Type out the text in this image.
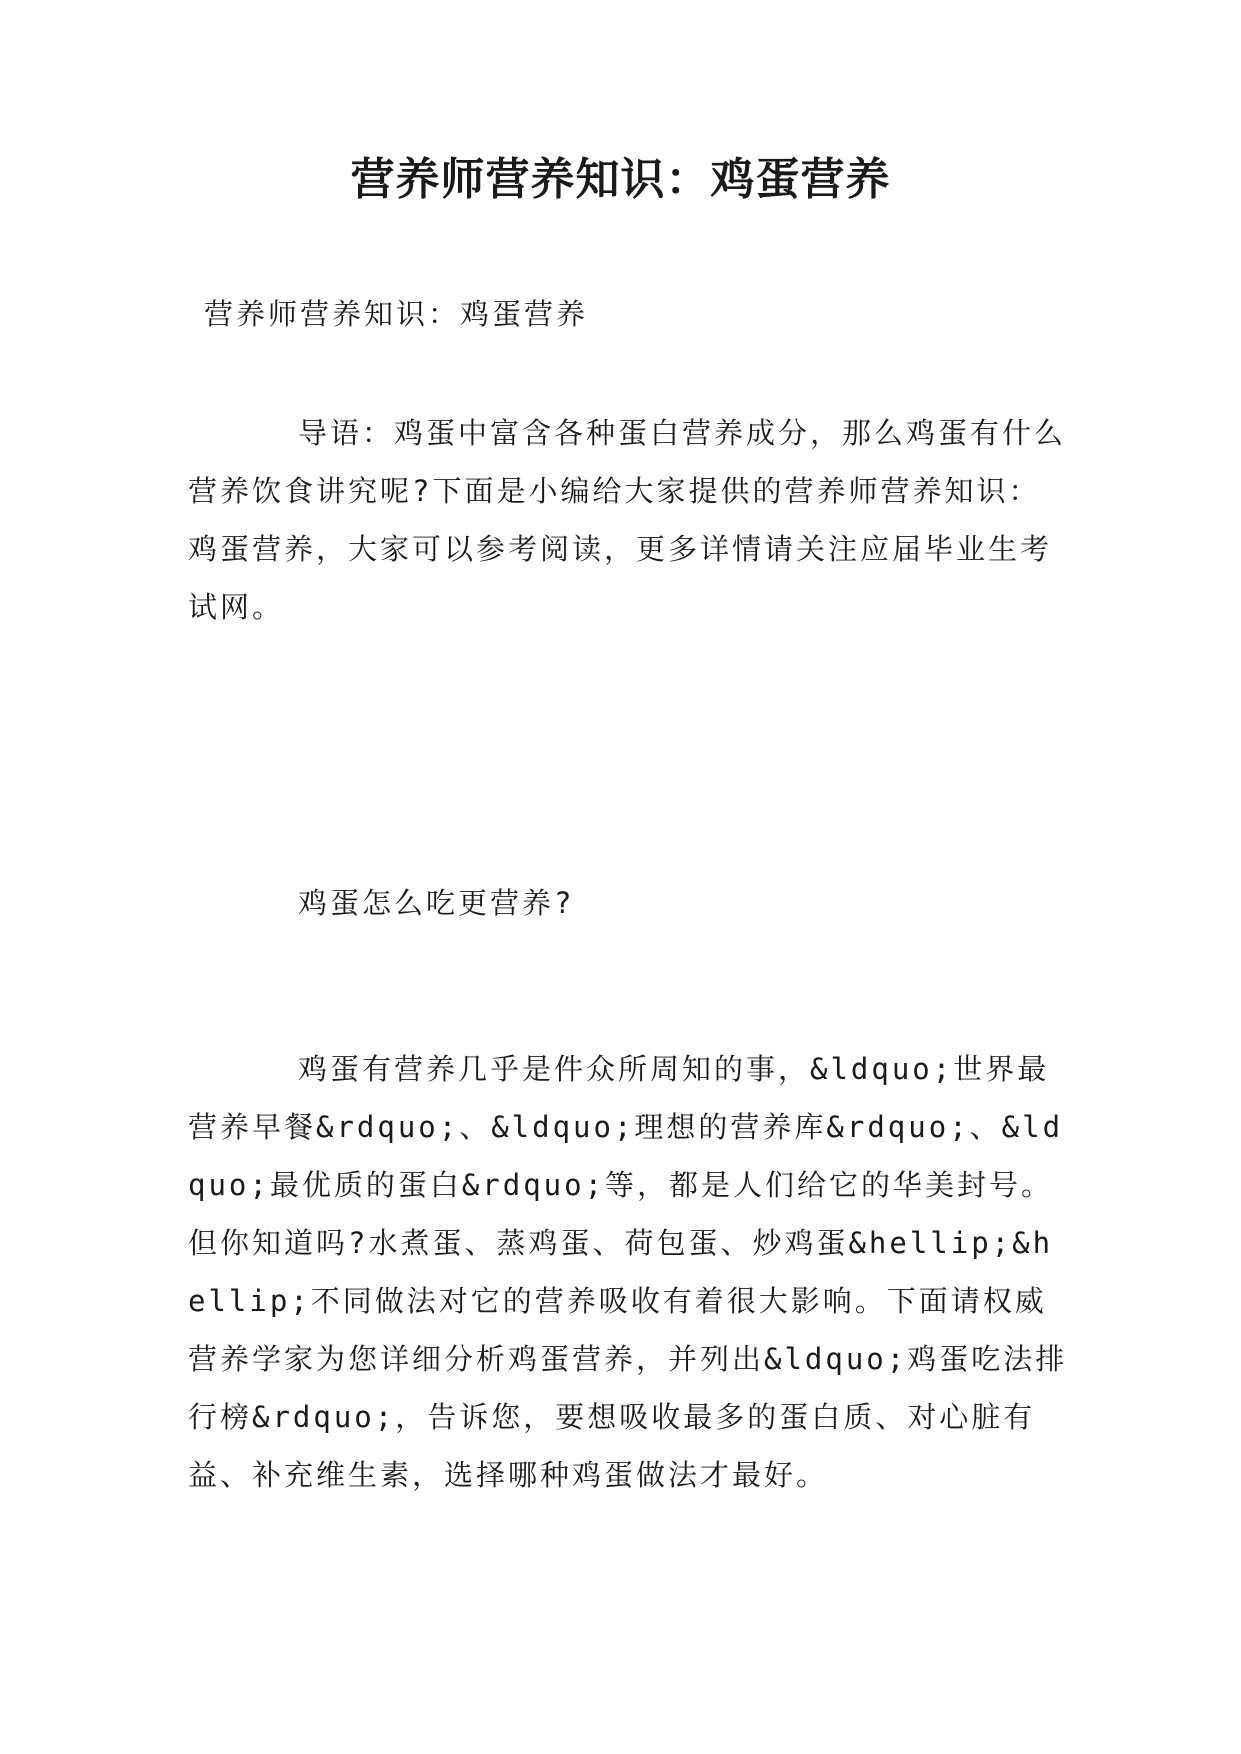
营养师营养知识：鸡蛋营养

营养师营养知识：鸡蛋营养

导语：鸡蛋中富含各种蛋白营养成分，那么鸡蛋有什么营养饮食讲究呢?下面是小编给大家提供的营养师营养知识：鸡蛋营养，大家可以参考阅读，更多详情请关注应届毕业生考试网。

鸡蛋怎么吃更营养?

鸡蛋有营养几乎是件众所周知的事，&ldquo;世界最营养早餐&rdquo;、&ldquo;理想的营养库&rdquo;、&ldquo;最优质的蛋白&rdquo;等，都是人们给它的华美封号。但你知道吗?水煮蛋、蒸鸡蛋、荷包蛋、炒鸡蛋&hellip;&hellip;不同做法对它的营养吸收有着很大影响。下面请权威营养学家为您详细分析鸡蛋营养，并列出&ldquo;鸡蛋吃法排行榜&rdquo;，告诉您，要想吸收最多的蛋白质、对心脏有益、补充维生素，选择哪种鸡蛋做法才最好。
